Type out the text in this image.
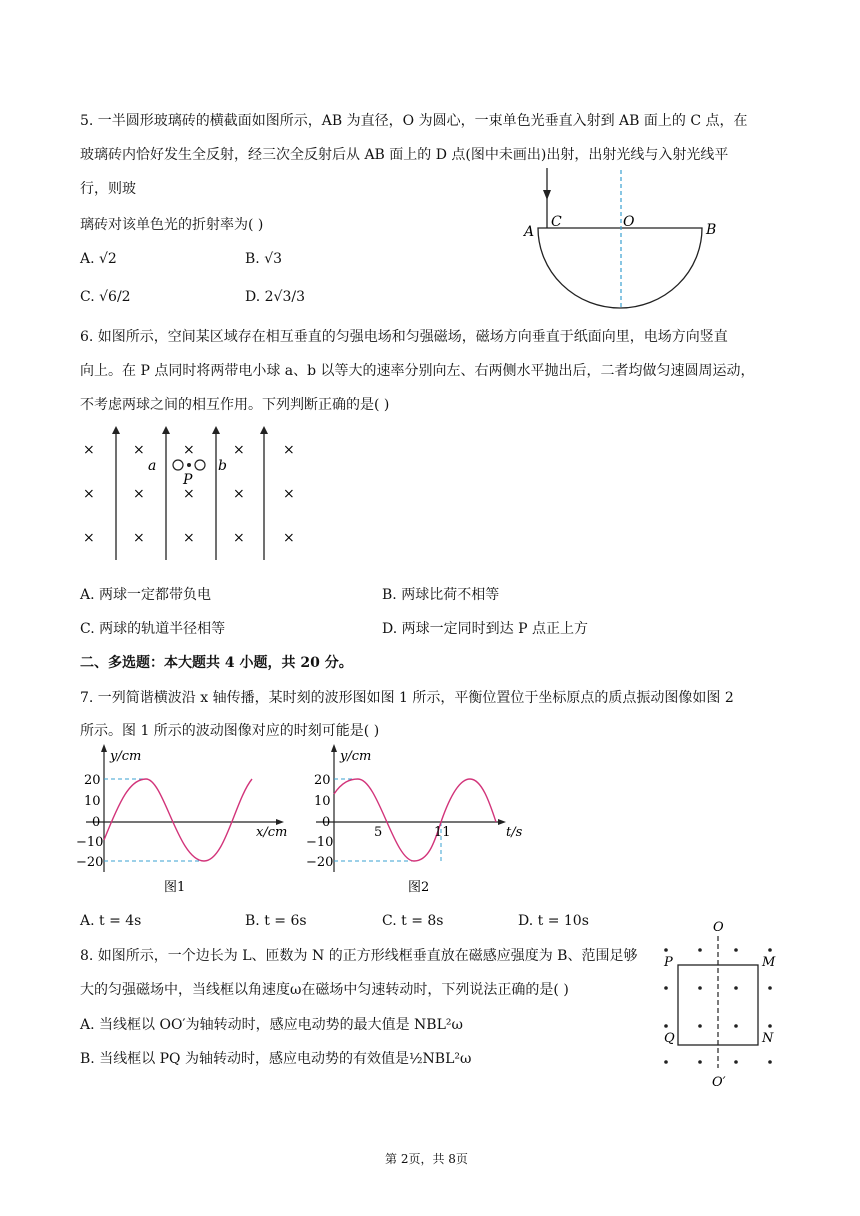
5. 一半圆形玻璃砖的横截面如图所示，AB 为直径，O 为圆心，一束单色光垂直入射到 AB 面上的 C 点，在
玻璃砖内恰好发生全反射，经三次全反射后从 AB 面上的 D 点(图中未画出)出射，出射光线与入射光线平
行，则玻
璃砖对该单色光的折射率为( )
A. √2	B. √3
C. √6/2	D. 2√3/3
A
C	O	B
6. 如图所示，空间某区域存在相互垂直的匀强电场和匀强磁场，磁场方向垂直于纸面向里，电场方向竖直
向上。在 P 点同时将两带电小球 a、b 以等大的速率分别向左、右两侧水平抛出后，二者均做匀速圆周运动，
不考虑两球之间的相互作用。下列判断正确的是( )
×	×	×	×	×
×	×	×	×	×
×	×	×	×	×
a	b
P
A. 两球一定都带负电	B. 两球比荷不相等
C. 两球的轨道半径相等	D. 两球一定同时到达 P 点正上方
二、多选题：本大题共 4 小题，共 20 分。
7. 一列简谐横波沿 x 轴传播，某时刻的波形图如图 1 所示，平衡位置位于坐标原点的质点振动图像如图 2
所示。图 1 所示的波动图像对应的时刻可能是( )
y/cm
x/cm
20
10
0
−10
−20
图1
y/cm
t/s
20
10
0
−10
−20
5	11
图2
A. t = 4s	B. t = 6s	C. t = 8s	D. t = 10s
8. 如图所示，一个边长为 L、匝数为 N 的正方形线框垂直放在磁感应强度为 B、范围足够
大的匀强磁场中，当线框以角速度ω在磁场中匀速转动时，下列说法正确的是( )
A. 当线框以 OO′为轴转动时，感应电动势的最大值是 NBL²ω
B. 当线框以 PQ 为轴转动时，感应电动势的有效值是½NBL²ω
O
O′
P	M
Q	N
第 2页，共 8页
